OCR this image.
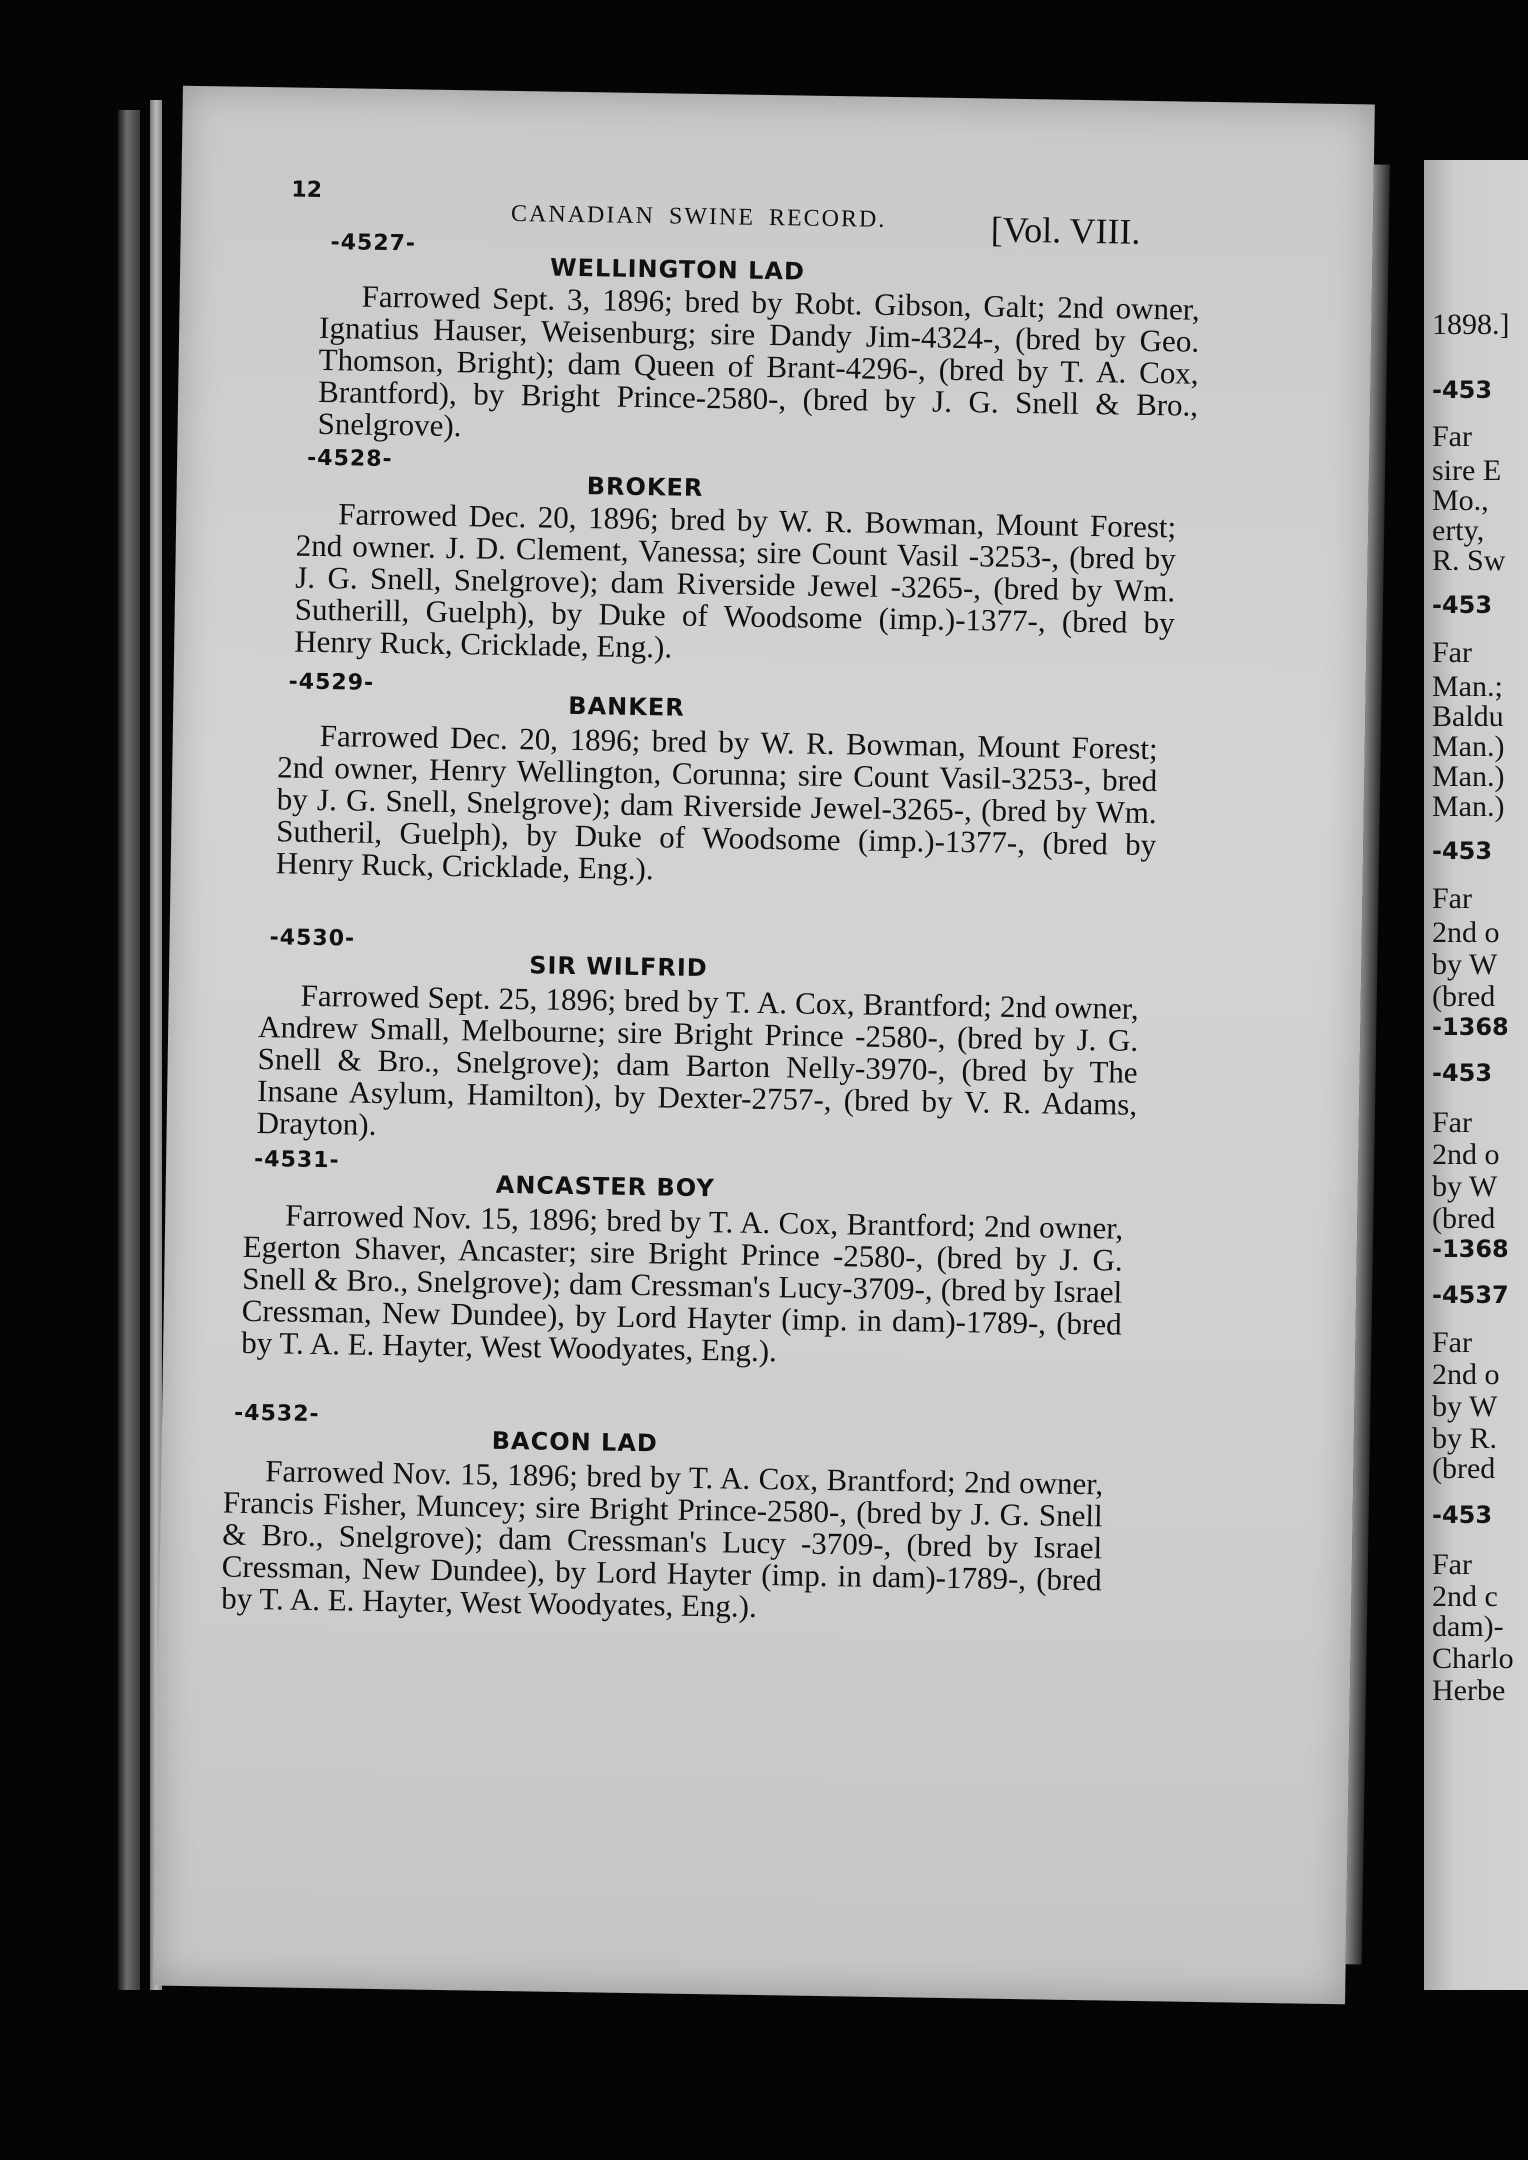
12
CANADIAN SWINE RECORD.	[Vol. VIII.
-4527-
WELLINGTON LAD
Farrowed Sept. 3, 1896; bred by Robt. Gibson, Galt; 2nd owner, Ignatius Hauser, Weisenburg; sire Dandy Jim-4324-, (bred by Geo. Thomson, Bright); dam Queen of Brant-4296-, (bred by T. A. Cox, Brantford), by Bright Prince-2580-, (bred by J. G. Snell & Bro., Snelgrove).
-4528-
BROKER
Farrowed Dec. 20, 1896; bred by W. R. Bowman, Mount Forest; 2nd owner. J. D. Clement, Vanessa; sire Count Vasil -3253-, (bred by J. G. Snell, Snelgrove); dam Riverside Jewel -3265-, (bred by Wm. Sutherill, Guelph), by Duke of Woodsome (imp.)-1377-, (bred by Henry Ruck, Cricklade, Eng.).
-4529-
BANKER
Farrowed Dec. 20, 1896; bred by W. R. Bowman, Mount Forest; 2nd owner, Henry Wellington, Corunna; sire Count Vasil-3253-, bred by J. G. Snell, Snelgrove); dam Riverside Jewel-3265-, (bred by Wm. Sutheril, Guelph), by Duke of Woodsome (imp.)-1377-, (bred by Henry Ruck, Cricklade, Eng.).
-4530-
SIR WILFRID
Farrowed Sept. 25, 1896; bred by T. A. Cox, Brantford; 2nd owner, Andrew Small, Melbourne; sire Bright Prince -2580-, (bred by J. G. Snell & Bro., Snelgrove); dam Barton Nelly-3970-, (bred by The Insane Asylum, Hamilton), by Dexter-2757-, (bred by V. R. Adams, Drayton).
-4531-
ANCASTER BOY
Farrowed Nov. 15, 1896; bred by T. A. Cox, Brantford; 2nd owner, Egerton Shaver, Ancaster; sire Bright Prince -2580-, (bred by J. G. Snell & Bro., Snelgrove); dam Cressman's Lucy-3709-, (bred by Israel Cressman, New Dundee), by Lord Hayter (imp. in dam)-1789-, (bred by T. A. E. Hayter, West Woodyates, Eng.).
-4532-
BACON LAD
Farrowed Nov. 15, 1896; bred by T. A. Cox, Brantford; 2nd owner, Francis Fisher, Muncey; sire Bright Prince-2580-, (bred by J. G. Snell & Bro., Snelgrove); dam Cressman's Lucy -3709-, (bred by Israel Cressman, New Dundee), by Lord Hayter (imp. in dam)-1789-, (bred by T. A. E. Hayter, West Woodyates, Eng.).
1898.]
-453
Far
sire E
Mo.,
erty,
R. Sw
-453
Far
Man.;
Baldu
Man.)
Man.)
Man.)
-453
Far
2nd o
by W
(bred
-1368
-453
Far
2nd o
by W
(bred
-1368
-4537
Far
2nd o
by W
by R.
(bred
-453
Far
2nd c
dam)-
Charlo
Herbe
